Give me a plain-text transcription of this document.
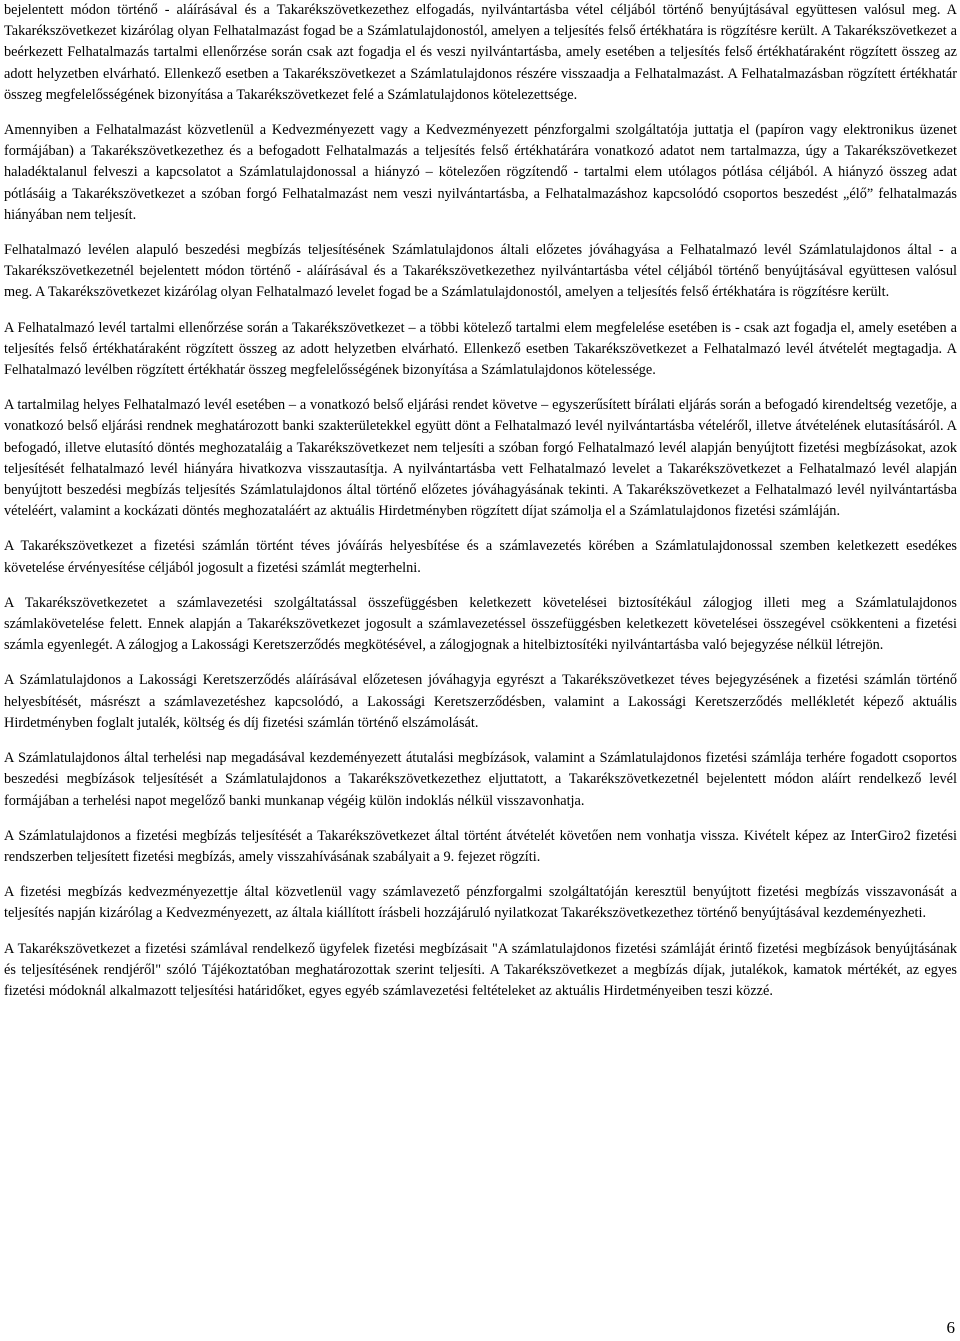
bejelentett módon történő - aláírásával és a Takarékszövetkezethez elfogadás, nyilvántartásba vétel céljából történő benyújtásával együttesen valósul meg. A Takarékszövetkezet kizárólag olyan Felhatalmazást fogad be a Számlatulajdonostól, amelyen a teljesítés felső értékhatára is rögzítésre került. A Takarékszövetkezet a beérkezett Felhatalmazás tartalmi ellenőrzése során csak azt fogadja el és veszi nyilvántartásba, amely esetében a teljesítés felső értékhatáraként rögzített összeg az adott helyzetben elvárható. Ellenkező esetben a Takarékszövetkezet a Számlatulajdonos részére visszaadja a Felhatalmazást. A Felhatalmazásban rögzített értékhatár összeg megfelelősségének bizonyítása a Takarékszövetkezet felé a Számlatulajdonos kötelezettsége.

Amennyiben a Felhatalmazást közvetlenül a Kedvezményezett vagy a Kedvezményezett pénzforgalmi szolgáltatója juttatja el (papíron vagy elektronikus üzenet formájában) a Takarékszövetkezethez és a befogadott Felhatalmazás a teljesítés felső értékhatárára vonatkozó adatot nem tartalmazza, úgy a Takarékszövetkezet haladéktalanul felveszi a kapcsolatot a Számlatulajdonossal a hiányzó – kötelezően rögzítendő - tartalmi elem utólagos pótlása céljából. A hiányzó összeg adat pótlásáig a Takarékszövetkezet a szóban forgó Felhatalmazást nem veszi nyilvántartásba, a Felhatalmazáshoz kapcsolódó csoportos beszedést „élő” felhatalmazás hiányában nem teljesít.

Felhatalmazó levélen alapuló beszedési megbízás teljesítésének Számlatulajdonos általi előzetes jóváhagyása a Felhatalmazó levél Számlatulajdonos által - a Takarékszövetkezetnél bejelentett módon történő - aláírásával és a Takarékszövetkezethez nyilvántartásba vétel céljából történő benyújtásával együttesen valósul meg. A Takarékszövetkezet kizárólag olyan Felhatalmazó levelet fogad be a Számlatulajdonostól, amelyen a teljesítés felső értékhatára is rögzítésre került.

A Felhatalmazó levél tartalmi ellenőrzése során a Takarékszövetkezet – a többi kötelező tartalmi elem megfelelése esetében is - csak azt fogadja el, amely esetében a teljesítés felső értékhatáraként rögzített összeg az adott helyzetben elvárható. Ellenkező esetben Takarékszövetkezet a Felhatalmazó levél átvételét megtagadja. A Felhatalmazó levélben rögzített értékhatár összeg megfelelősségének bizonyítása a Számlatulajdonos kötelessége.

A tartalmilag helyes Felhatalmazó levél esetében – a vonatkozó belső eljárási rendet követve – egyszerűsített bírálati eljárás során a befogadó kirendeltség vezetője, a vonatkozó belső eljárási rendnek meghatározott banki szakterületekkel együtt dönt a Felhatalmazó levél nyilvántartásba vételéről, illetve átvételének elutasításáról. A befogadó, illetve elutasító döntés meghozataláig a Takarékszövetkezet nem teljesíti a szóban forgó Felhatalmazó levél alapján benyújtott fizetési megbízásokat, azok teljesítését felhatalmazó levél hiányára hivatkozva visszautasítja. A nyilvántartásba vett Felhatalmazó levelet a Takarékszövetkezet a Felhatalmazó levél alapján benyújtott beszedési megbízás teljesítés Számlatulajdonos által történő előzetes jóváhagyásának tekinti. A Takarékszövetkezet a Felhatalmazó levél nyilvántartásba vételéért, valamint a kockázati döntés meghozataláért az aktuális Hirdetményben rögzített díjat számolja el a Számlatulajdonos fizetési számláján.

A Takarékszövetkezet a fizetési számlán történt téves jóváírás helyesbítése és a számlavezetés körében a Számlatulajdonossal szemben keletkezett esedékes követelése érvényesítése céljából jogosult a fizetési számlát megterhelni.

A Takarékszövetkezetet a számlavezetési szolgáltatással összefüggésben keletkezett követelései biztosítékául zálogjog illeti meg a Számlatulajdonos számlakövetelése felett. Ennek alapján a Takarékszövetkezet jogosult a számlavezetéssel összefüggésben keletkezett követelései összegével csökkenteni a fizetési számla egyenlegét. A zálogjog a Lakossági Keretszerződés megkötésével, a zálogjognak a hitelbiztosítéki nyilvántartásba való bejegyzése nélkül létrejön.

A Számlatulajdonos a Lakossági Keretszerződés aláírásával előzetesen jóváhagyja egyrészt a Takarékszövetkezet téves bejegyzésének a fizetési számlán történő helyesbítését, másrészt a számlavezetéshez kapcsolódó, a Lakossági Keretszerződésben, valamint a Lakossági Keretszerződés mellékletét képező aktuális Hirdetményben foglalt jutalék, költség és díj fizetési számlán történő elszámolását.

A Számlatulajdonos által terhelési nap megadásával kezdeményezett átutalási megbízások, valamint a Számlatulajdonos fizetési számlája terhére fogadott csoportos beszedési megbízások teljesítését a Számlatulajdonos a Takarékszövetkezethez eljuttatott, a Takarékszövetkezetnél bejelentett módon aláírt rendelkező levél formájában a terhelési napot megelőző banki munkanap végéig külön indoklás nélkül visszavonhatja.

A Számlatulajdonos a fizetési megbízás teljesítését a Takarékszövetkezet által történt átvételét követően nem vonhatja vissza. Kivételt képez az InterGiro2 fizetési rendszerben teljesített fizetési megbízás, amely visszahívásának szabályait a 9. fejezet rögzíti.

A fizetési megbízás kedvezményezettje által közvetlenül vagy számlavezető pénzforgalmi szolgáltatóján keresztül benyújtott fizetési megbízás visszavonását a teljesítés napján kizárólag a Kedvezményezett, az általa kiállított írásbeli hozzájáruló nyilatkozat Takarékszövetkezethez történő benyújtásával kezdeményezheti.

A Takarékszövetkezet a fizetési számlával rendelkező ügyfelek fizetési megbízásait "A számlatulajdonos fizetési számláját érintő fizetési megbízások benyújtásának és teljesítésének rendjéről" szóló Tájékoztatóban meghatározottak szerint teljesíti. A Takarékszövetkezet a megbízás díjak, jutalékok, kamatok mértékét, az egyes fizetési módoknál alkalmazott teljesítési határidőket, egyes egyéb számlavezetési feltételeket az aktuális Hirdetményeiben teszi közzé.

6
